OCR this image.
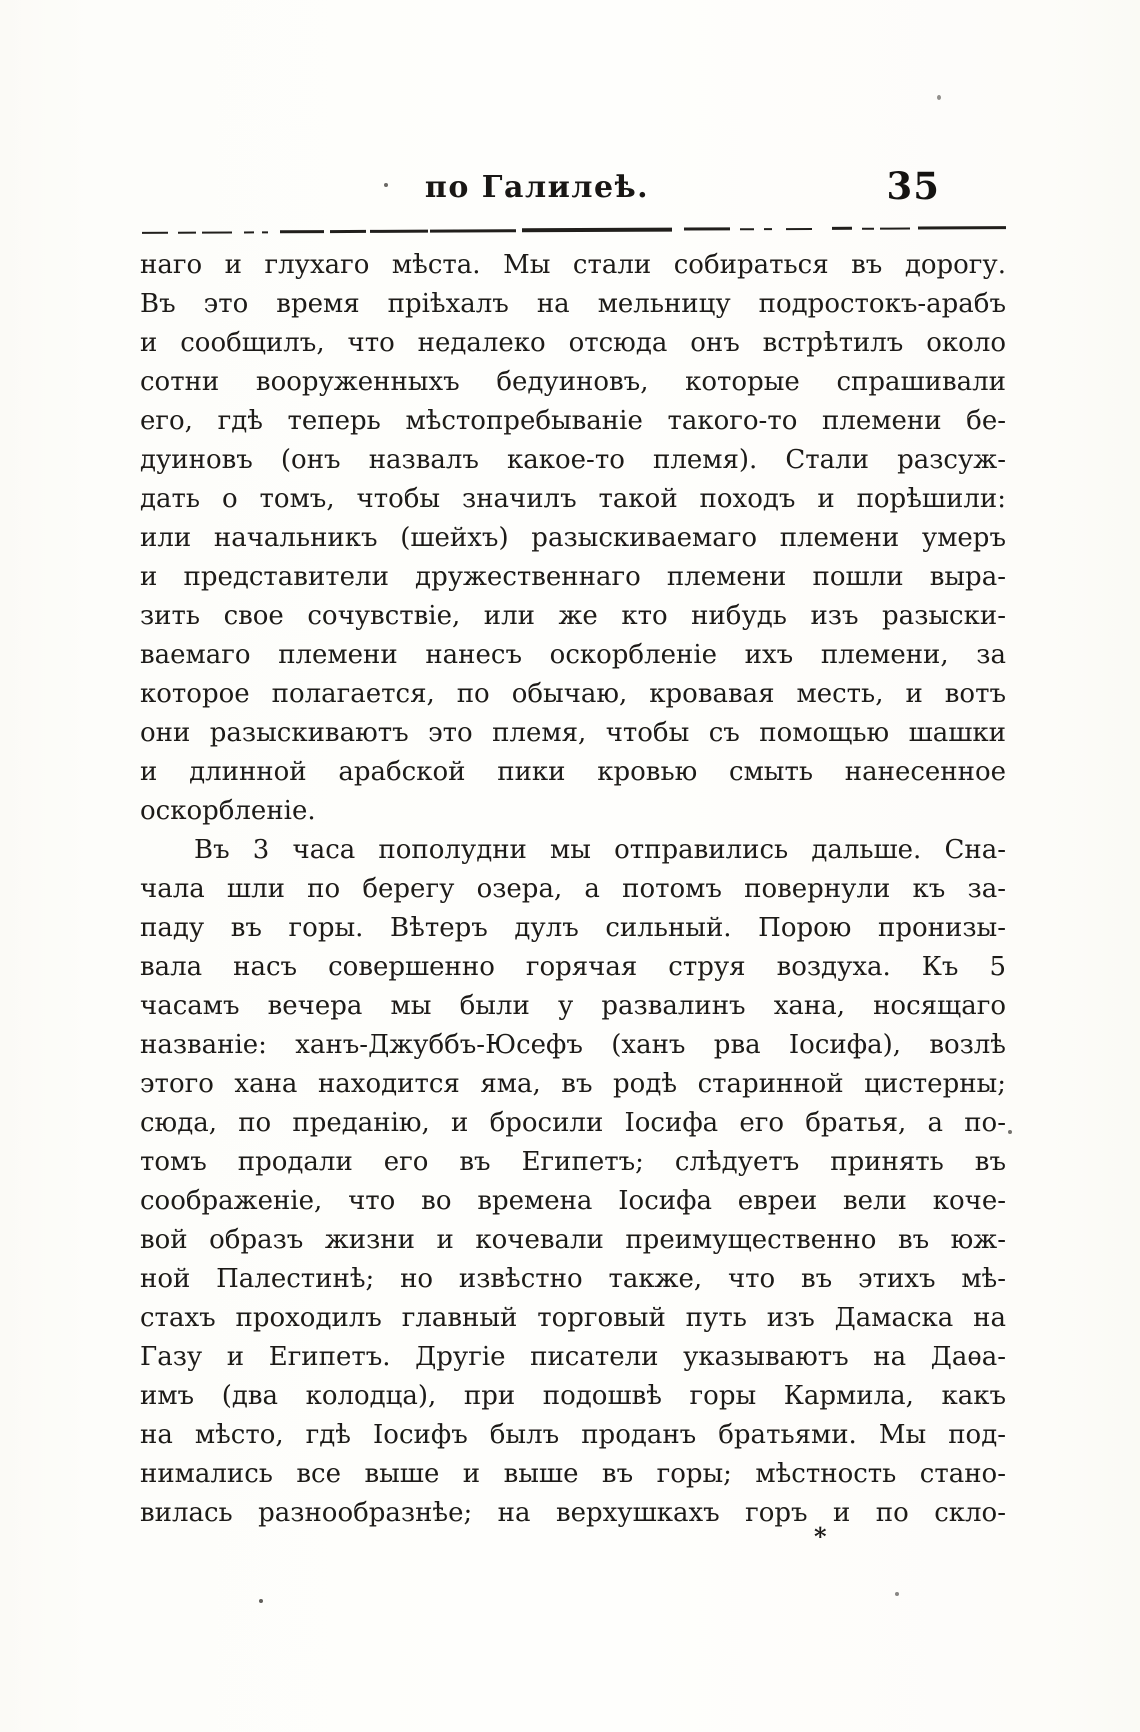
по Галилеѣ.	35

наго и глухаго мѣста. Мы стали собираться въ дорогу.

Въ это время пріѣхалъ на мельницу подростокъ-арабъ

и сообщилъ, что недалеко отсюда онъ встрѣтилъ около

сотни вооруженныхъ бедуиновъ, которые спрашивали

его, гдѣ теперь мѣстопребываніе такого-то племени бе-

дуиновъ (онъ назвалъ какое-то племя). Стали разсуж-

дать о томъ, чтобы значилъ такой походъ и порѣшили:

или начальникъ (шейхъ) разыскиваемаго племени умеръ

и представители дружественнаго племени пошли выра-

зить свое сочувствіе, или же кто нибудь изъ разыски-

ваемаго племени нанесъ оскорбленіе ихъ племени, за

которое полагается, по обычаю, кровавая месть, и вотъ

они разыскиваютъ это племя, чтобы съ помощью шашки

и длинной арабской пики кровью смыть нанесенное

оскорбленіе.

Въ 3 часа пополудни мы отправились дальше. Сна-

чала шли по берегу озера, а потомъ повернули къ за-

паду въ горы. Вѣтеръ дулъ сильный. Порою пронизы-

вала насъ совершенно горячая струя воздуха. Къ 5

часамъ вечера мы были у развалинъ хана, носящаго

названіе: ханъ-Джуббъ-Юсефъ (ханъ рва Іосифа), возлѣ

этого хана находится яма, въ родѣ старинной цистерны;

сюда, по преданію, и бросили Іосифа его братья, а по-

томъ продали его въ Египетъ; слѣдуетъ принять въ

соображеніе, что во времена Іосифа евреи вели коче-

вой образъ жизни и кочевали преимущественно въ юж-

ной Палестинѣ; но извѣстно также, что въ этихъ мѣ-

стахъ проходилъ главный торговый путь изъ Дамаска на

Газу и Египетъ. Другіе писатели указываютъ на Даѳа-

имъ (два колодца), при подошвѣ горы Кармила, какъ

на мѣсто, гдѣ Іосифъ былъ проданъ братьями. Мы под-

нимались все выше и выше въ горы; мѣстность стано-

вилась разнообразнѣе; на верхушкахъ горъ и по скло-

*
